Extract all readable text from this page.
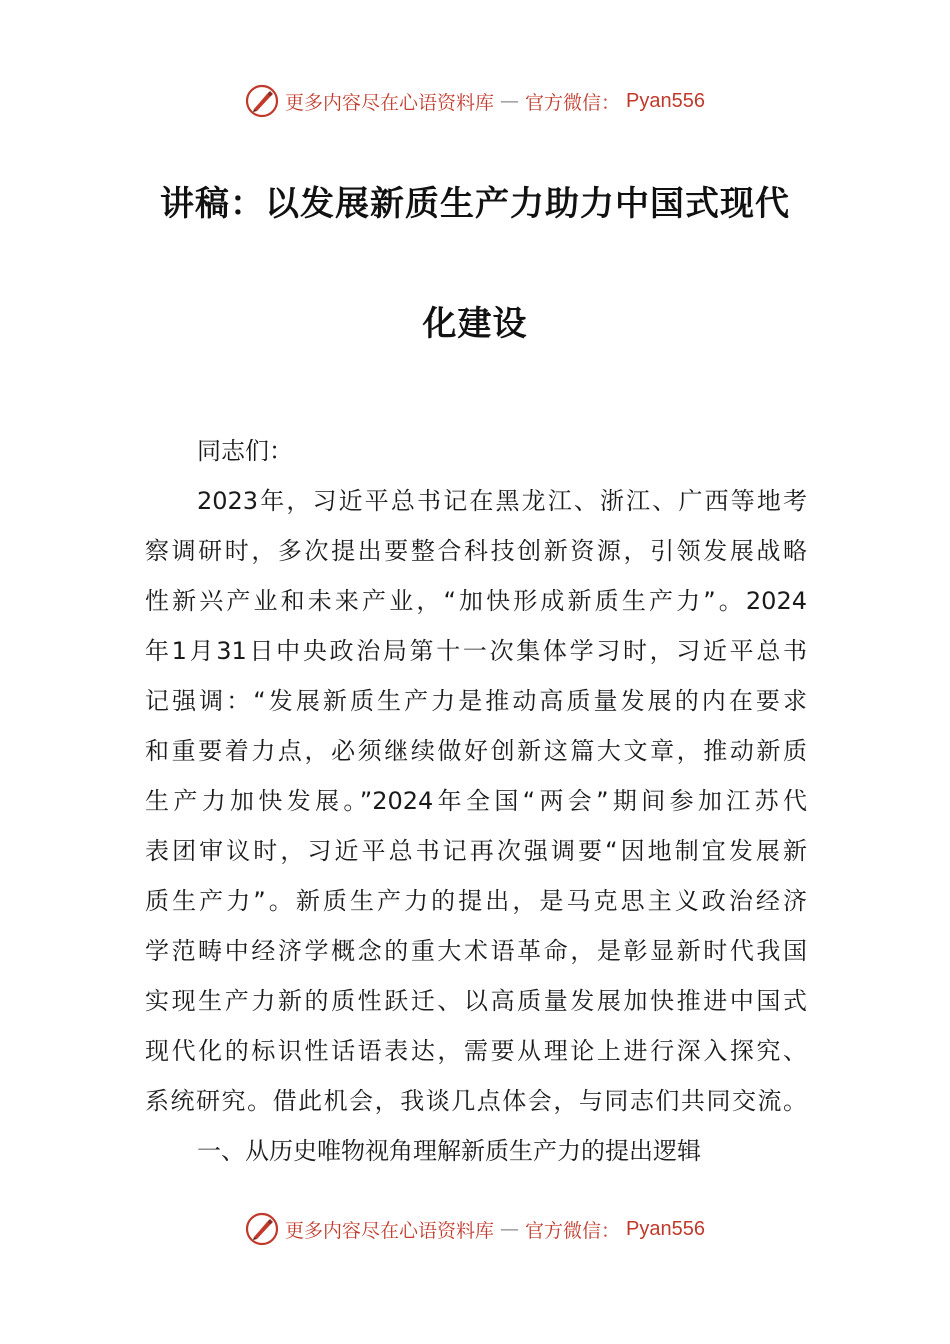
更多内容尽在心语资料库 — 官方微信： Pyan556
讲稿：以发展新质生产力助力中国式现代
化建设
同志们：
2023年，习近平总书记在黑龙江、浙江、广西等地考
察调研时，多次提出要整合科技创新资源，引领发展战略
性新兴产业和未来产业，“加快形成新质生产力”。2024
年1月31日中央政治局第十一次集体学习时，习近平总书
记强调：“发展新质生产力是推动高质量发展的内在要求
和重要着力点，必须继续做好创新这篇大文章，推动新质
生产力加快发展。”2024年全国“两会”期间参加江苏代
表团审议时，习近平总书记再次强调要“因地制宜发展新
质生产力”。新质生产力的提出，是马克思主义政治经济
学范畴中经济学概念的重大术语革命，是彰显新时代我国
实现生产力新的质性跃迁、以高质量发展加快推进中国式
现代化的标识性话语表达，需要从理论上进行深入探究、
系统研究。借此机会，我谈几点体会，与同志们共同交流。
一、从历史唯物视角理解新质生产力的提出逻辑
更多内容尽在心语资料库 — 官方微信： Pyan556
